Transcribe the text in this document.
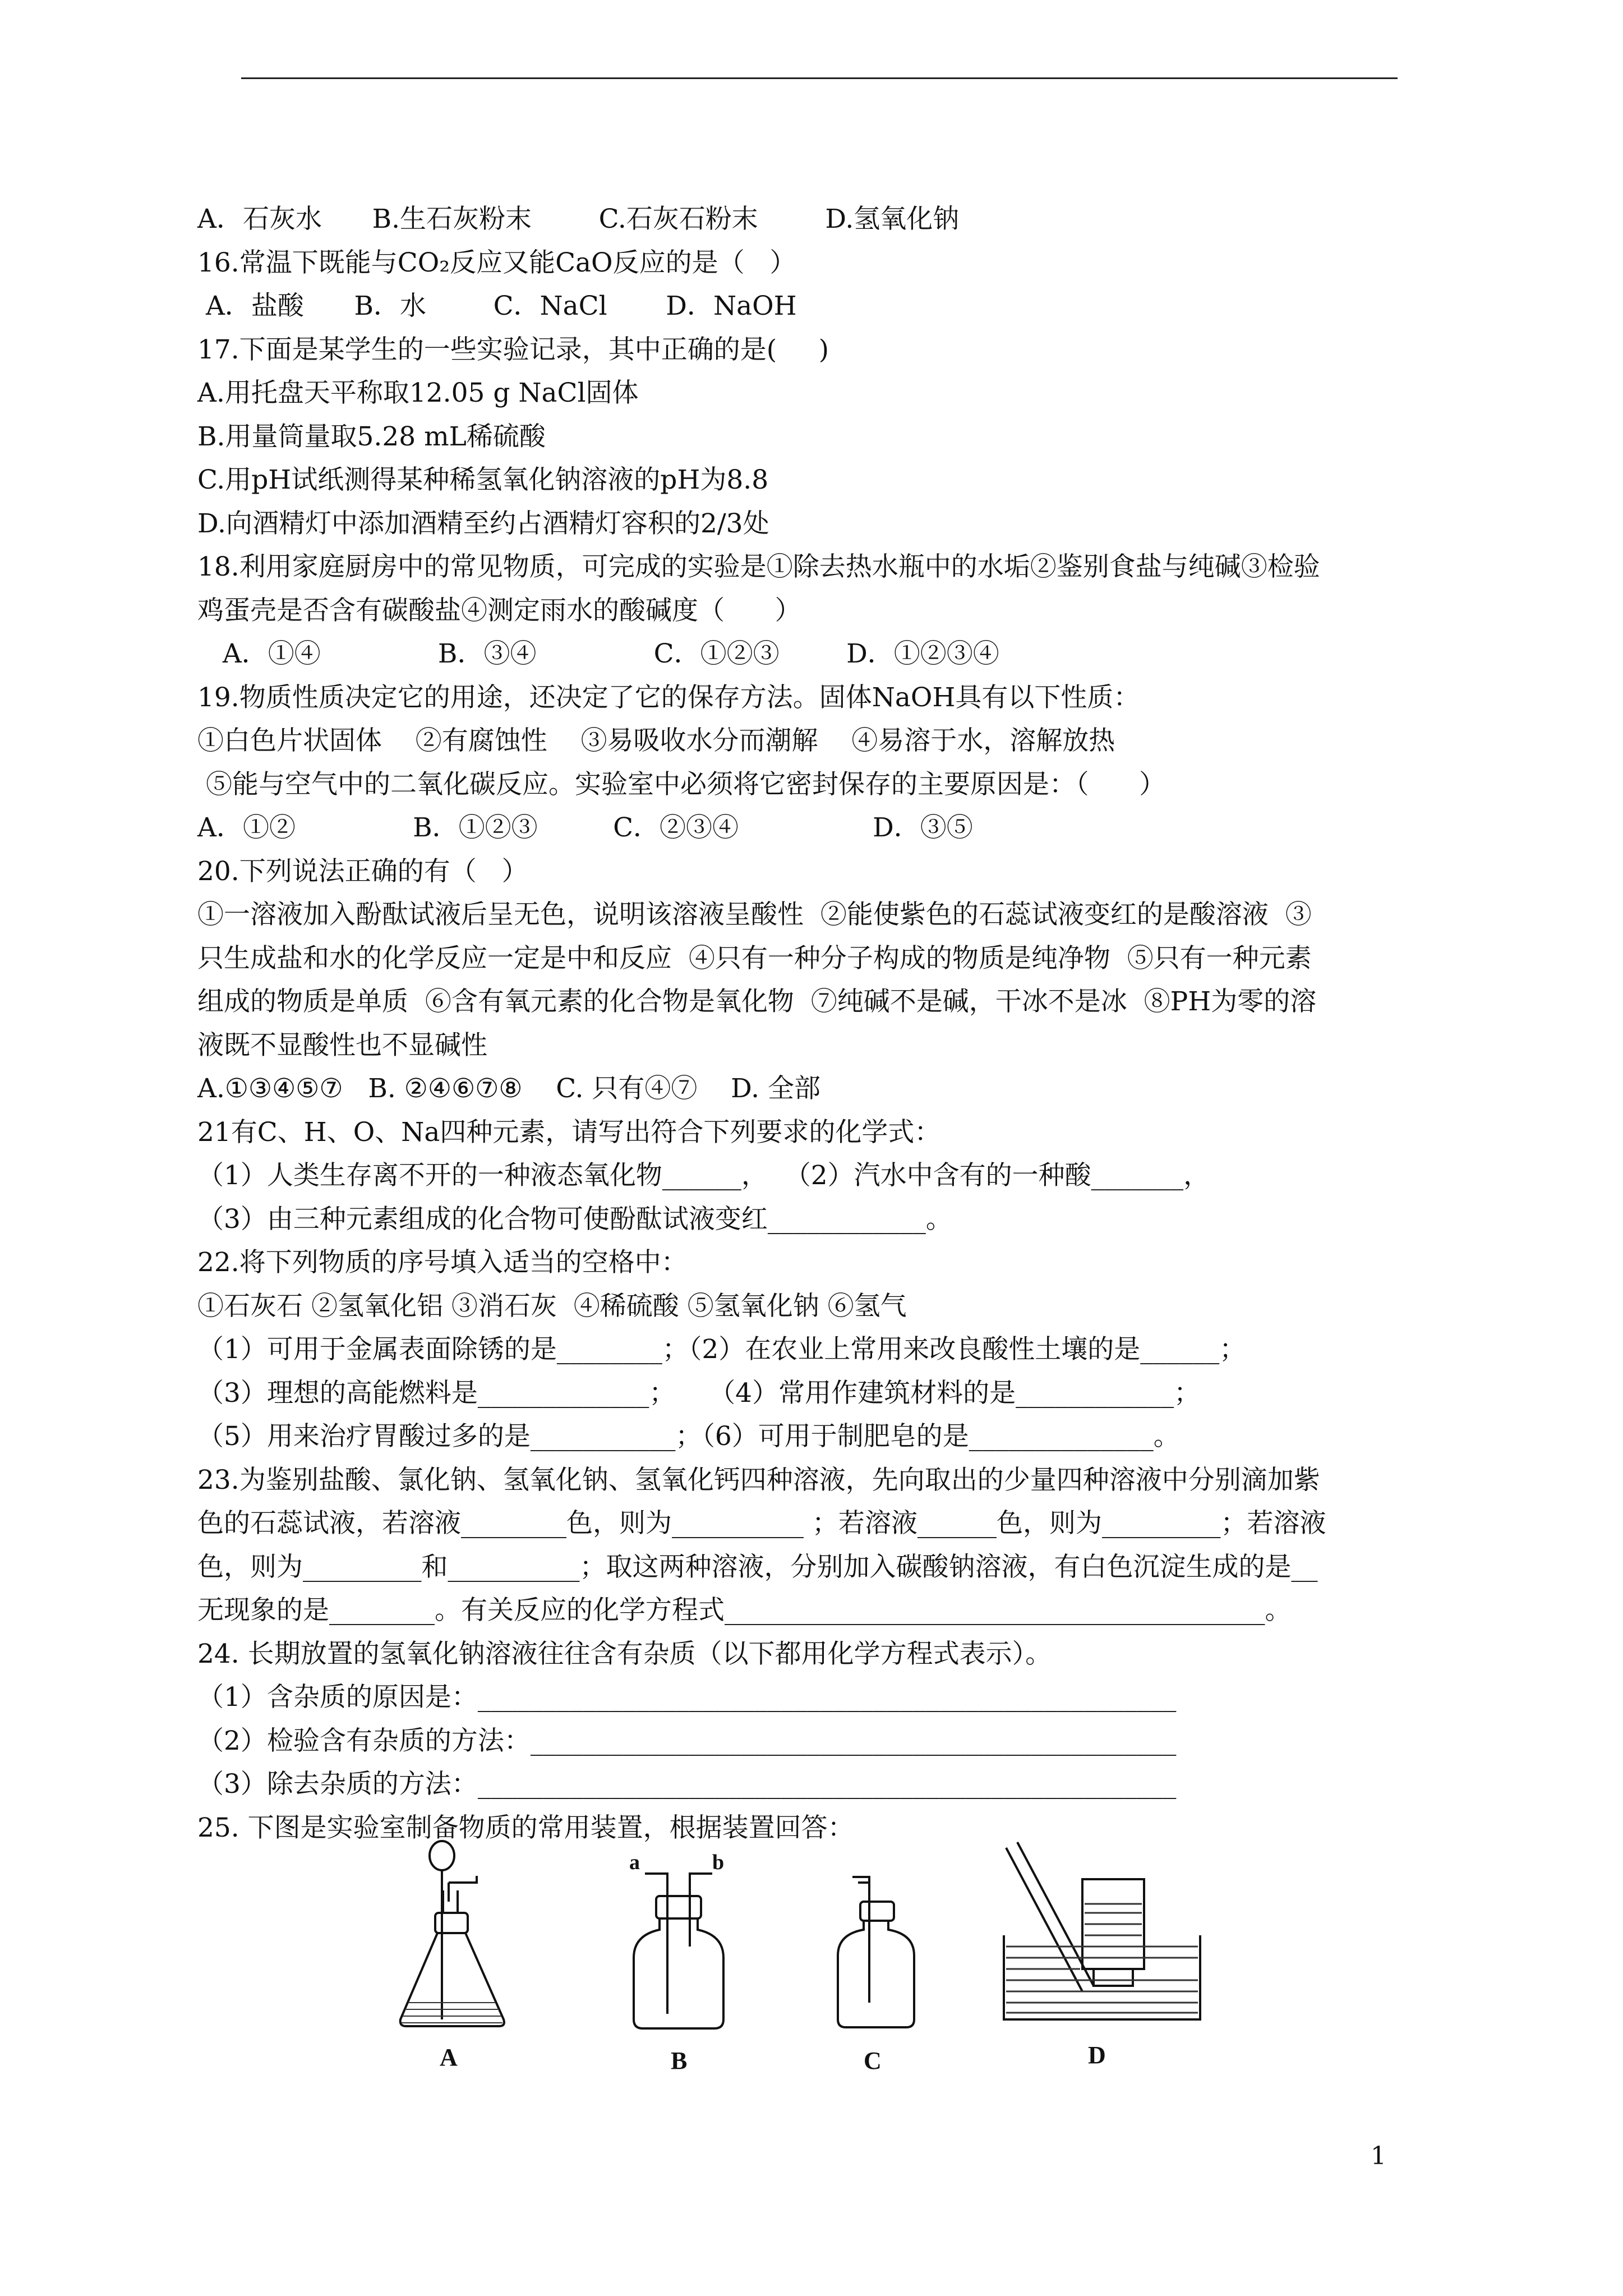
A．石灰水      B.生石灰粉末        C.石灰石粉末        D.氢氧化钠
16.常温下既能与CO₂反应又能CaO反应的是（   ）
A．盐酸      B．水        C．NaCl       D．NaOH
17.下面是某学生的一些实验记录，其中正确的是(     )
A.用托盘天平称取12.05 g NaCl固体
B.用量筒量取5.28 mL稀硫酸
C.用pH试纸测得某种稀氢氧化钠溶液的pH为8.8
D.向酒精灯中添加酒精至约占酒精灯容积的2/3处
18.利用家庭厨房中的常见物质，可完成的实验是①除去热水瓶中的水垢②鉴别食盐与纯碱③检验
鸡蛋壳是否含有碳酸盐④测定雨水的酸碱度（      ）
A．①④              B．③④              C．①②③        D．①②③④
19.物质性质决定它的用途，还决定了它的保存方法。固体NaOH具有以下性质：
①白色片状固体    ②有腐蚀性    ③易吸收水分而潮解    ④易溶于水，溶解放热
⑤能与空气中的二氧化碳反应。实验室中必须将它密封保存的主要原因是：（      ）
A．①②              B．①②③         C．②③④                D．③⑤
20.下列说法正确的有（   ）
①一溶液加入酚酞试液后呈无色，说明该溶液呈酸性  ②能使紫色的石蕊试液变红的是酸溶液  ③
只生成盐和水的化学反应一定是中和反应  ④只有一种分子构成的物质是纯净物  ⑤只有一种元素
组成的物质是单质  ⑥含有氧元素的化合物是氧化物  ⑦纯碱不是碱，干冰不是冰  ⑧PH为零的溶
液既不显酸性也不显碱性
A.①③④⑤⑦   B. ②④⑥⑦⑧    C. 只有④⑦    D. 全部
21有C、H、O、Na四种元素，请写出符合下列要求的化学式：
（1）人类生存离不开的一种液态氧化物______，  （2）汽水中含有的一种酸_______，
（3）由三种元素组成的化合物可使酚酞试液变红____________。
22.将下列物质的序号填入适当的空格中：
①石灰石 ②氢氧化铝 ③消石灰  ④稀硫酸 ⑤氢氧化钠 ⑥氢气
（1）可用于金属表面除锈的是________；（2）在农业上常用来改良酸性土壤的是______；
（3）理想的高能燃料是_____________；    （4）常用作建筑材料的是____________；
（5）用来治疗胃酸过多的是___________；（6）可用于制肥皂的是______________。
23.为鉴别盐酸、氯化钠、氢氧化钠、氢氧化钙四种溶液，先向取出的少量四种溶液中分别滴加紫
色的石蕊试液，若溶液________色，则为__________ ；若溶液______色，则为_________；若溶液
色，则为_________和__________；取这两种溶液，分别加入碳酸钠溶液，有白色沉淀生成的是__
无现象的是________。有关反应的化学方程式_________________________________________。
24. 长期放置的氢氧化钠溶液往往含有杂质（以下都用化学方程式表示）。
（1）含杂质的原因是：_____________________________________________________
（2）检验含有杂质的方法：_________________________________________________
（3）除去杂质的方法：_____________________________________________________
25. 下图是实验室制备物质的常用装置，根据装置回答：
A
a	b
B	C	D
1
